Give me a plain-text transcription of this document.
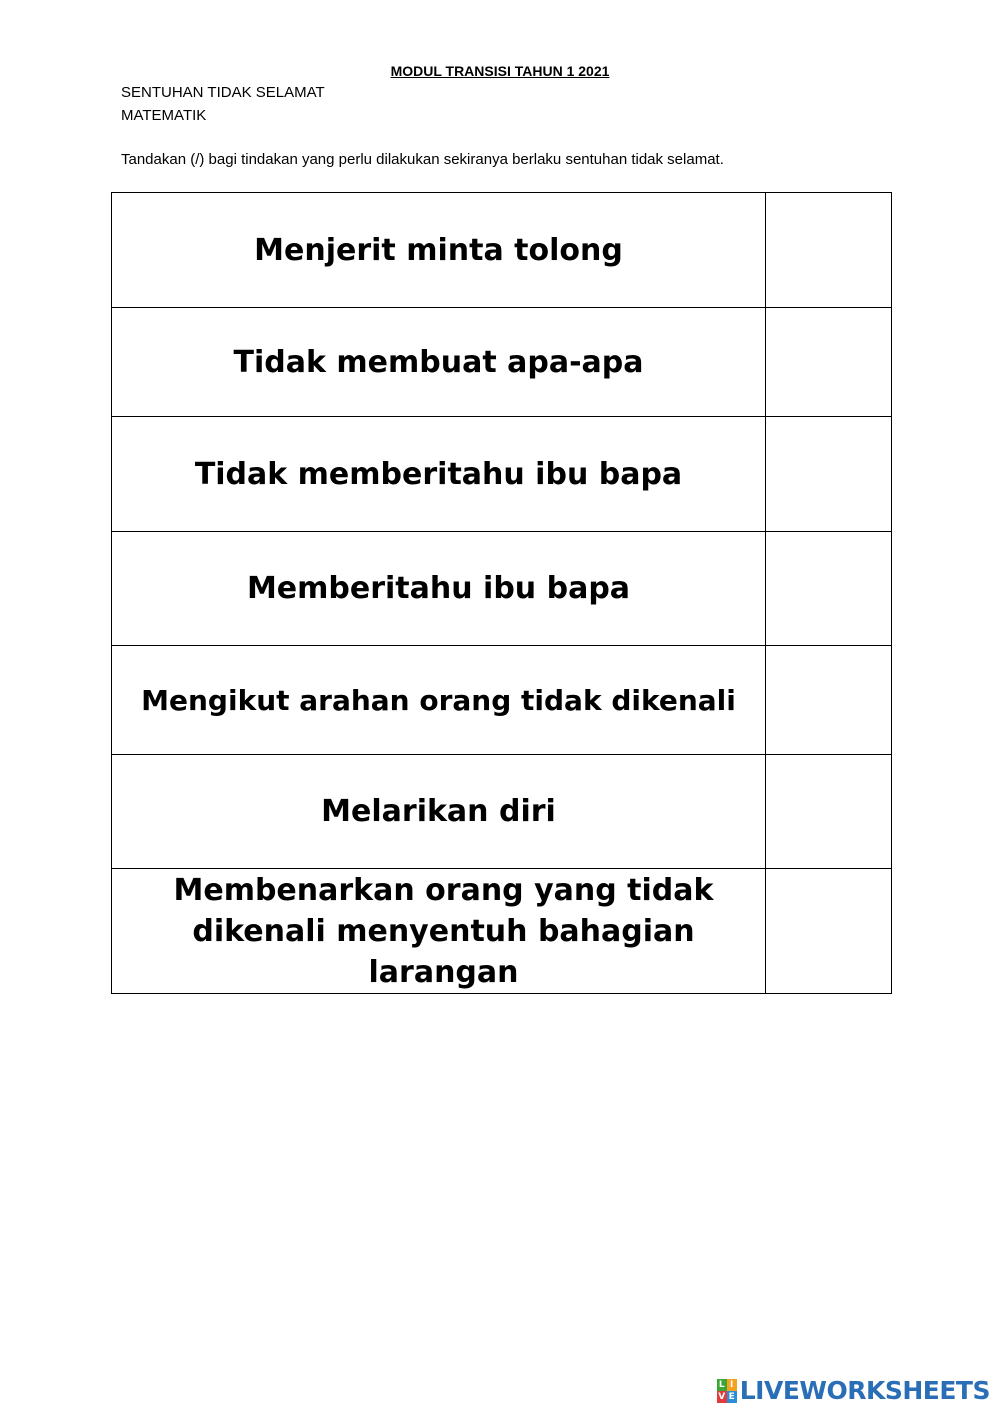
MODUL TRANSISI TAHUN 1 2021
SENTUHAN TIDAK SELAMAT
MATEMATIK
Tandakan (/) bagi tindakan yang perlu dilakukan sekiranya berlaku sentuhan tidak selamat.
Menjerit minta tolong	

Tidak membuat apa-apa	

Tidak memberitahu ibu bapa	

Memberitahu ibu bapa	

Mengikut arahan orang tidak dikenali	

Melarikan diri	

Membenarkan orang yang tidak dikenali menyentuh bahagian larangan	

L I
V E LIVEWORKSHEETS
